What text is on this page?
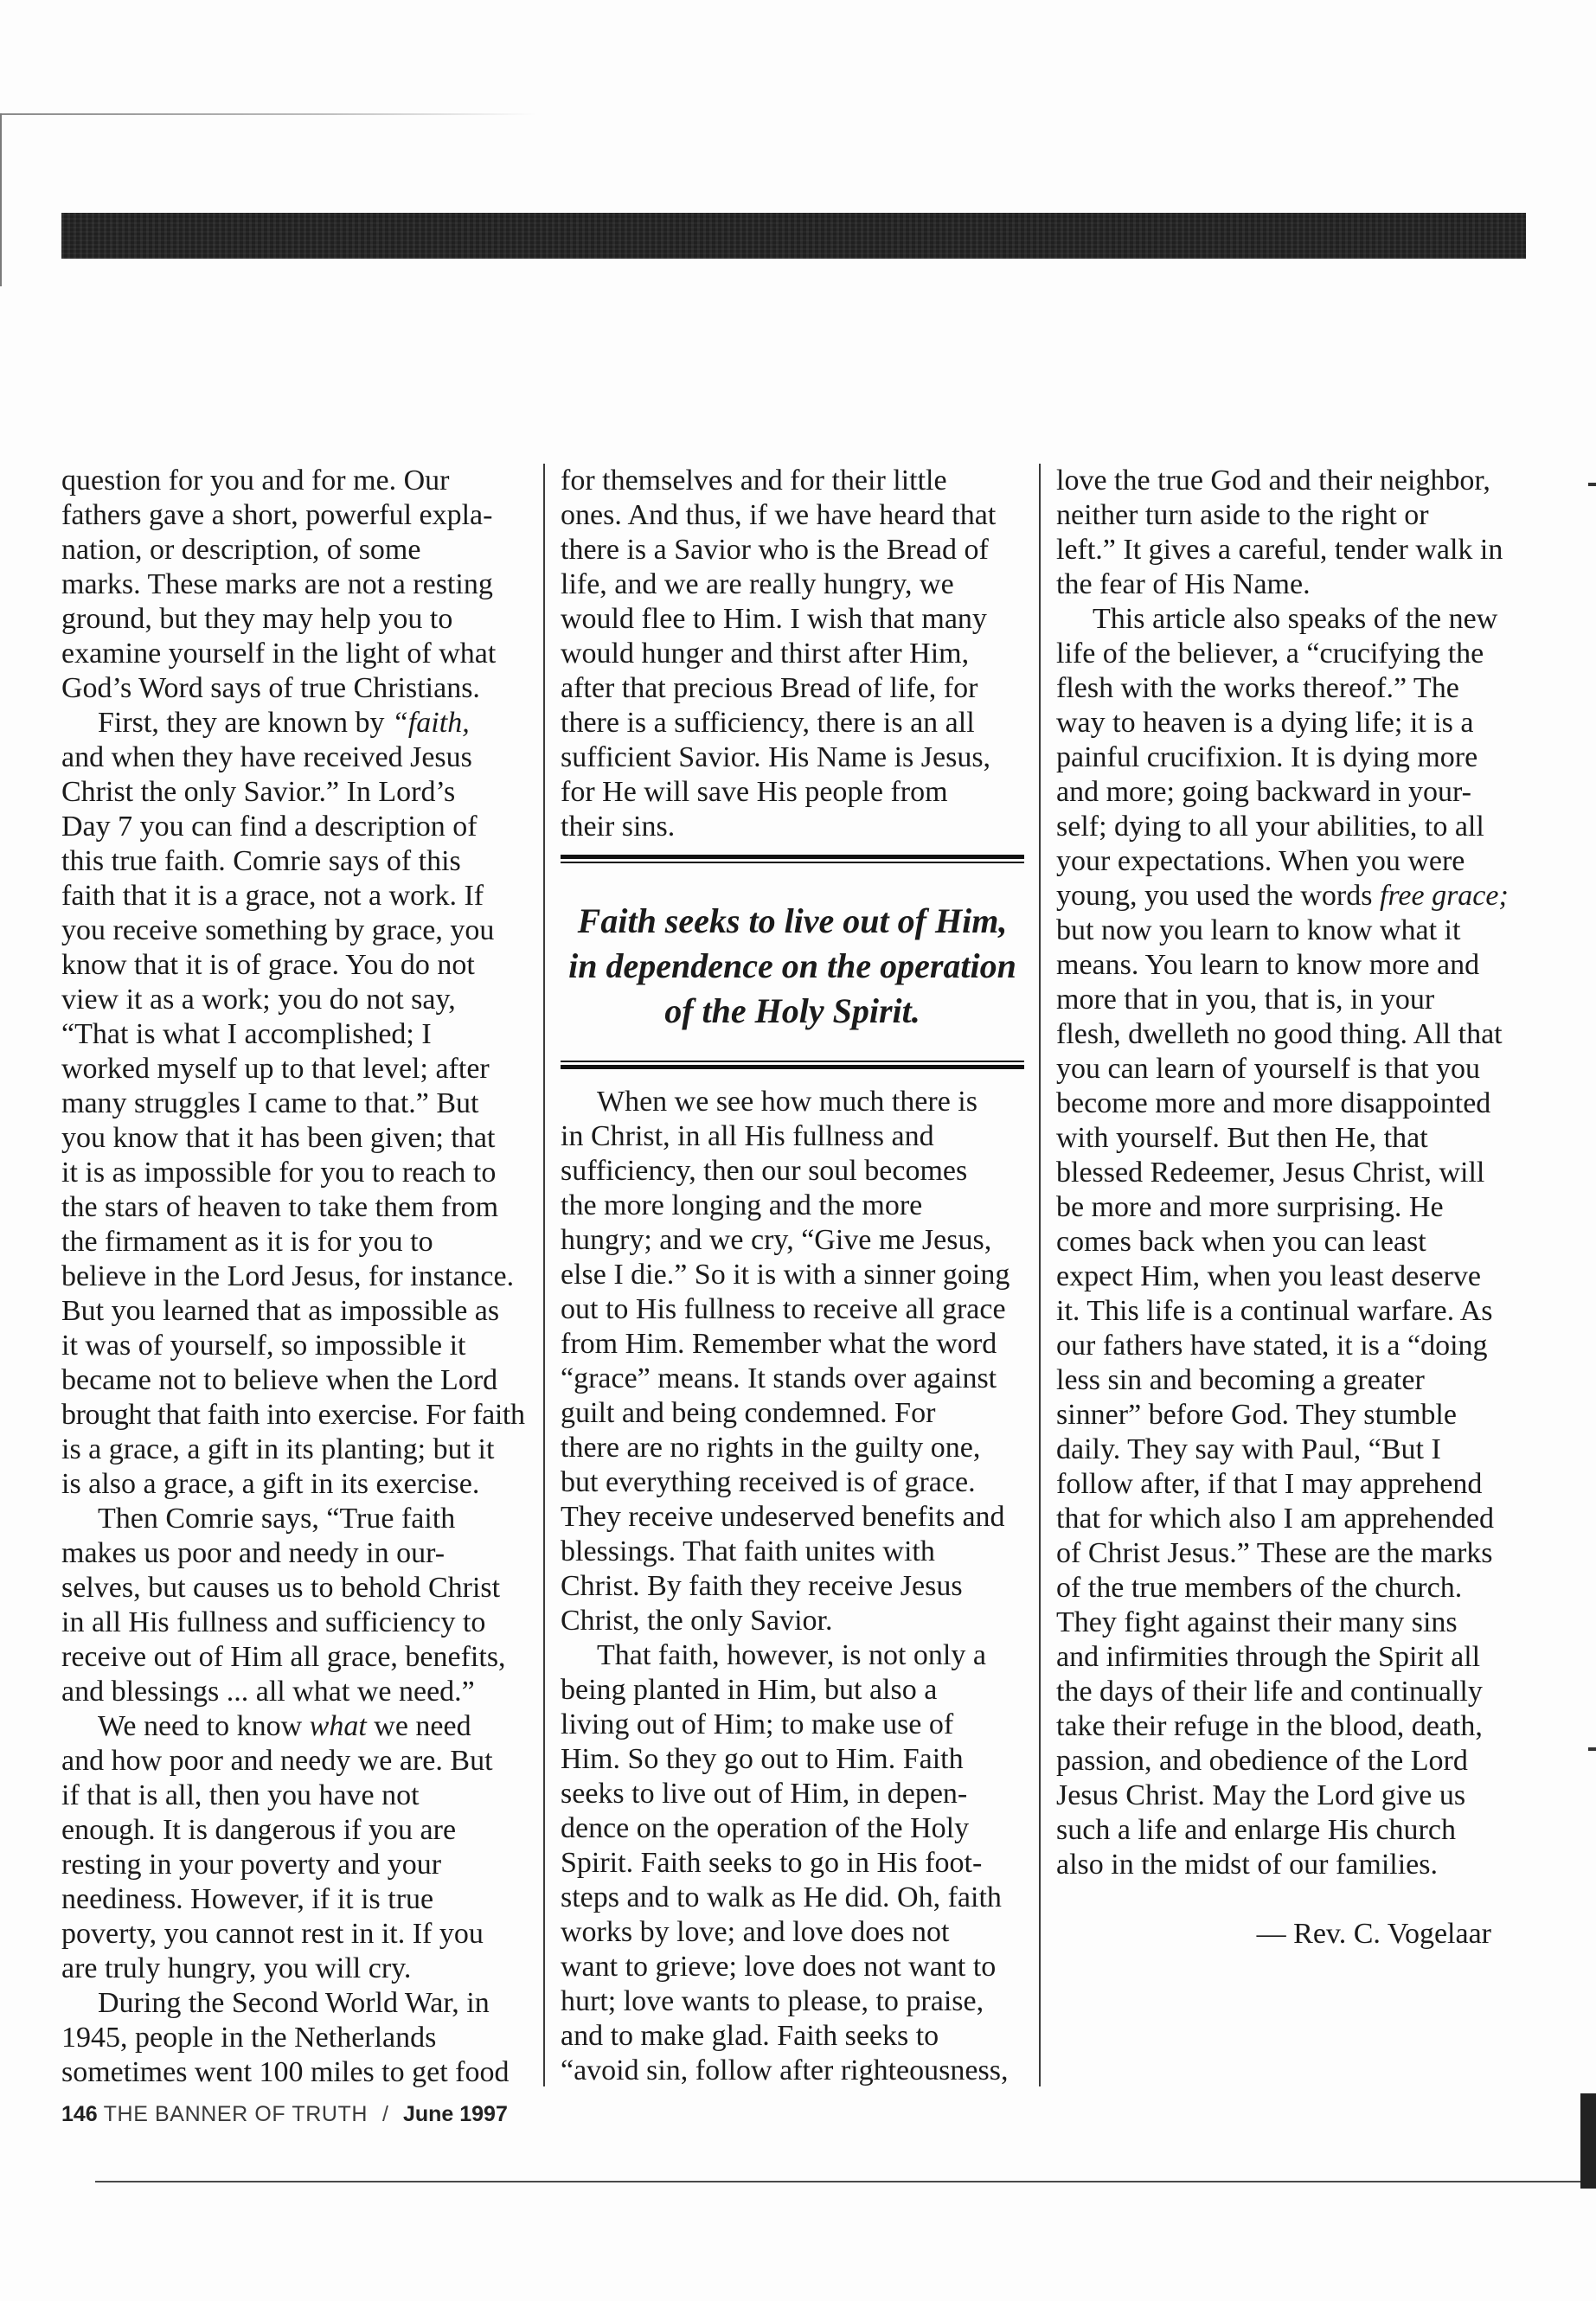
question for you and for me. Our
fathers gave a short, powerful expla-
nation, or description, of some
marks. These marks are not a resting
ground, but they may help you to
examine yourself in the light of what
God’s Word says of true Christians.
First, they are known by “faith,
and when they have received Jesus
Christ the only Savior.” In Lord’s
Day 7 you can find a description of
this true faith. Comrie says of this
faith that it is a grace, not a work. If
you receive something by grace, you
know that it is of grace. You do not
view it as a work; you do not say,
“That is what I accomplished; I
worked myself up to that level; after
many struggles I came to that.” But
you know that it has been given; that
it is as impossible for you to reach to
the stars of heaven to take them from
the firmament as it is for you to
believe in the Lord Jesus, for instance.
But you learned that as impossible as
it was of yourself, so impossible it
became not to believe when the Lord
brought that faith into exercise. For faith
is a grace, a gift in its planting; but it
is also a grace, a gift in its exercise.
Then Comrie says, “True faith
makes us poor and needy in our-
selves, but causes us to behold Christ
in all His fullness and sufficiency to
receive out of Him all grace, benefits,
and blessings ... all what we need.”
We need to know what we need
and how poor and needy we are. But
if that is all, then you have not
enough. It is dangerous if you are
resting in your poverty and your
neediness. However, if it is true
poverty, you cannot rest in it. If you
are truly hungry, you will cry.
During the Second World War, in
1945, people in the Netherlands
sometimes went 100 miles to get food
for themselves and for their little
ones. And thus, if we have heard that
there is a Savior who is the Bread of
life, and we are really hungry, we
would flee to Him. I wish that many
would hunger and thirst after Him,
after that precious Bread of life, for
there is a sufficiency, there is an all
sufficient Savior. His Name is Jesus,
for He will save His people from
their sins.
Faith seeks to live out of Him,
in dependence on the operation
of the Holy Spirit.
When we see how much there is
in Christ, in all His fullness and
sufficiency, then our soul becomes
the more longing and the more
hungry; and we cry, “Give me Jesus,
else I die.” So it is with a sinner going
out to His fullness to receive all grace
from Him. Remember what the word
“grace” means. It stands over against
guilt and being condemned. For
there are no rights in the guilty one,
but everything received is of grace.
They receive undeserved benefits and
blessings. That faith unites with
Christ. By faith they receive Jesus
Christ, the only Savior.
That faith, however, is not only a
being planted in Him, but also a
living out of Him; to make use of
Him. So they go out to Him. Faith
seeks to live out of Him, in depen-
dence on the operation of the Holy
Spirit. Faith seeks to go in His foot-
steps and to walk as He did. Oh, faith
works by love; and love does not
want to grieve; love does not want to
hurt; love wants to please, to praise,
and to make glad. Faith seeks to
“avoid sin, follow after righteousness,
love the true God and their neighbor,
neither turn aside to the right or
left.” It gives a careful, tender walk in
the fear of His Name.
This article also speaks of the new
life of the believer, a “crucifying the
flesh with the works thereof.” The
way to heaven is a dying life; it is a
painful crucifixion. It is dying more
and more; going backward in your-
self; dying to all your abilities, to all
your expectations. When you were
young, you used the words free grace;
but now you learn to know what it
means. You learn to know more and
more that in you, that is, in your
flesh, dwelleth no good thing. All that
you can learn of yourself is that you
become more and more disappointed
with yourself. But then He, that
blessed Redeemer, Jesus Christ, will
be more and more surprising. He
comes back when you can least
expect Him, when you least deserve
it. This life is a continual warfare. As
our fathers have stated, it is a “doing
less sin and becoming a greater
sinner” before God. They stumble
daily. They say with Paul, “But I
follow after, if that I may apprehend
that for which also I am apprehended
of Christ Jesus.” These are the marks
of the true members of the church.
They fight against their many sins
and infirmities through the Spirit all
the days of their life and continually
take their refuge in the blood, death,
passion, and obedience of the Lord
Jesus Christ. May the Lord give us
such a life and enlarge His church
also in the midst of our families.
— Rev. C. Vogelaar
146 THE BANNER OF TRUTH / June 1997
